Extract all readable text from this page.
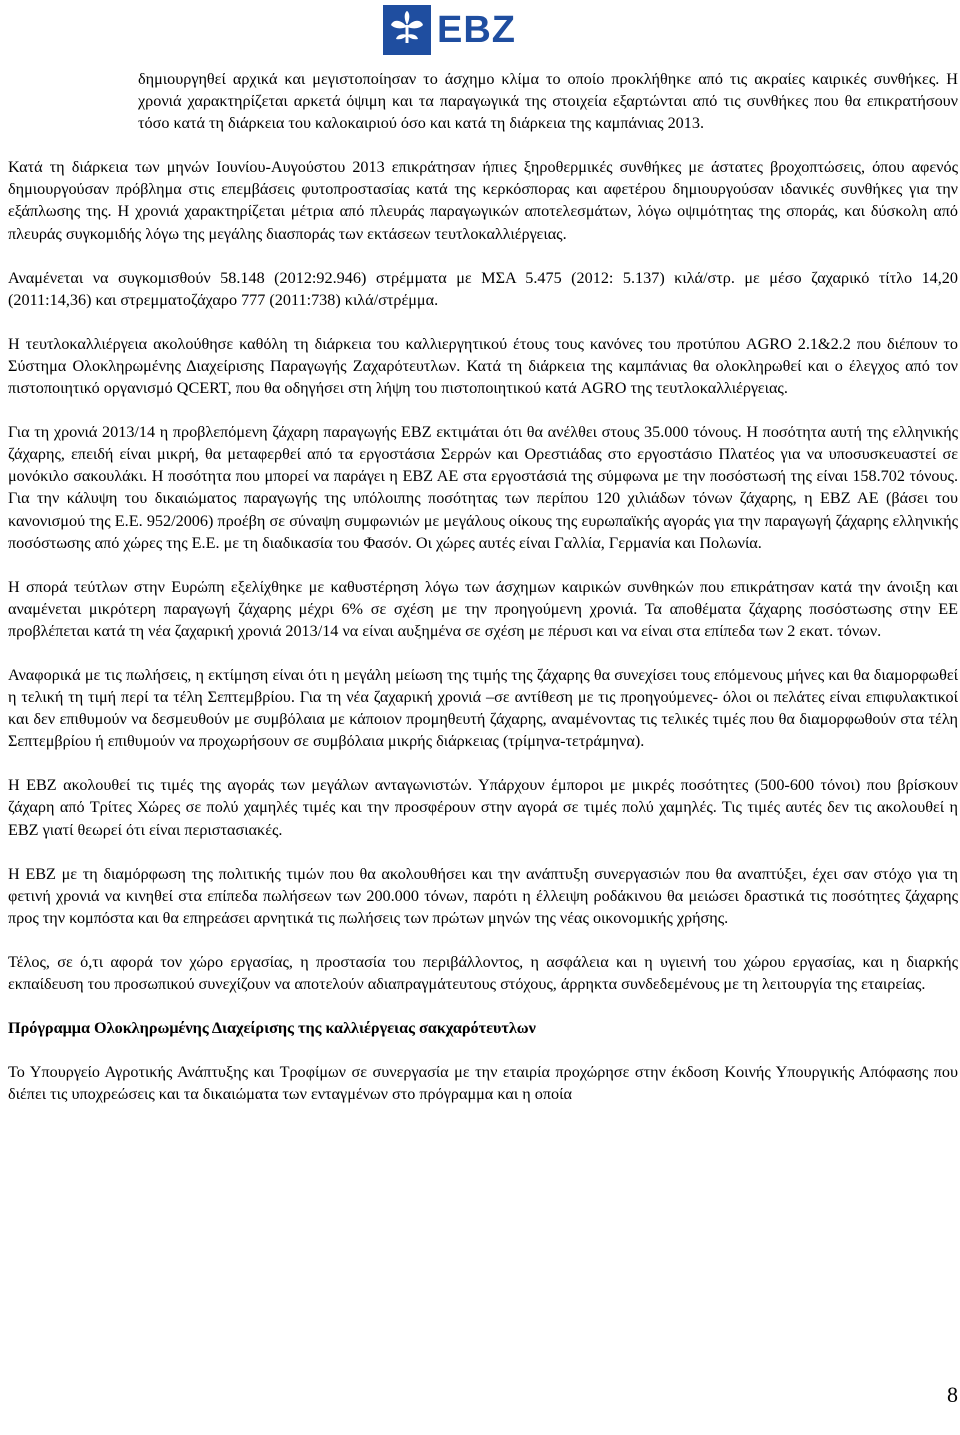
EBZ

δημιουργηθεί αρχικά και μεγιστοποίησαν το άσχημο κλίμα το οποίο προκλήθηκε από τις ακραίες καιρικές συνθήκες. Η χρονιά χαρακτηρίζεται αρκετά όψιμη και τα παραγωγικά της στοιχεία εξαρτώνται από τις συνθήκες που θα επικρατήσουν τόσο κατά τη διάρκεια του καλοκαιριού όσο και κατά τη διάρκεια της καμπάνιας 2013.

Κατά τη διάρκεια των μηνών Ιουνίου-Αυγούστου 2013 επικράτησαν ήπιες ξηροθερμικές συνθήκες με άστατες βροχοπτώσεις, όπου αφενός δημιουργούσαν πρόβλημα στις επεμβάσεις φυτοπροστασίας κατά της κερκόσπορας και αφετέρου δημιουργούσαν ιδανικές συνθήκες για την εξάπλωσης της. Η χρονιά χαρακτηρίζεται μέτρια από πλευράς παραγωγικών αποτελεσμάτων, λόγω οψιμότητας της σποράς, και δύσκολη από πλευράς συγκομιδής λόγω της μεγάλης διασποράς των εκτάσεων τευτλοκαλλιέργειας.

Αναμένεται να συγκομισθούν 58.148 (2012:92.946) στρέμματα με ΜΣΑ 5.475 (2012: 5.137) κιλά/στρ. με μέσο ζαχαρικό τίτλο 14,20 (2011:14,36) και στρεμματοζάχαρο 777 (2011:738) κιλά/στρέμμα.

Η τευτλοκαλλιέργεια ακολούθησε καθόλη τη διάρκεια του καλλιεργητικού έτους τους κανόνες του προτύπου AGRO 2.1&2.2 που διέπουν το Σύστημα Ολοκληρωμένης Διαχείρισης Παραγωγής Ζαχαρότευτλων. Κατά τη διάρκεια της καμπάνιας θα ολοκληρωθεί και ο έλεγχος από τον πιστοποιητικό οργανισμό QCERT, που θα οδηγήσει στη λήψη του πιστοποιητικού κατά AGRO της τευτλοκαλλιέργειας.

Για τη χρονιά 2013/14 η προβλεπόμενη ζάχαρη παραγωγής ΕΒΖ εκτιμάται ότι θα ανέλθει στους 35.000 τόνους. Η ποσότητα αυτή της ελληνικής ζάχαρης, επειδή είναι μικρή, θα μεταφερθεί από τα εργοστάσια Σερρών και Ορεστιάδας στο εργοστάσιο Πλατέος για να υποσυσκευαστεί σε μονόκιλο σακουλάκι. Η ποσότητα που μπορεί να παράγει η ΕΒΖ ΑΕ στα εργοστάσιά της σύμφωνα με την ποσόστωσή της είναι 158.702 τόνους. Για την κάλυψη του δικαιώματος παραγωγής της υπόλοιπης ποσότητας των περίπου 120 χιλιάδων τόνων ζάχαρης, η ΕΒΖ ΑΕ (βάσει του κανονισμού της Ε.Ε. 952/2006) προέβη σε σύναψη συμφωνιών με μεγάλους οίκους της ευρωπαϊκής αγοράς για την παραγωγή ζάχαρης ελληνικής ποσόστωσης από χώρες της Ε.Ε. με τη διαδικασία του Φασόν. Οι χώρες αυτές είναι Γαλλία, Γερμανία και Πολωνία.

Η σπορά τεύτλων στην Ευρώπη εξελίχθηκε με καθυστέρηση λόγω των άσχημων καιρικών συνθηκών που επικράτησαν κατά την άνοιξη και αναμένεται μικρότερη παραγωγή ζάχαρης μέχρι 6% σε σχέση με την προηγούμενη χρονιά. Τα αποθέματα ζάχαρης ποσόστωσης στην ΕΕ προβλέπεται κατά τη νέα ζαχαρική χρονιά 2013/14 να είναι αυξημένα σε σχέση με πέρυσι και να είναι στα επίπεδα των 2 εκατ. τόνων.

Αναφορικά με τις πωλήσεις, η εκτίμηση είναι ότι η μεγάλη μείωση της τιμής της ζάχαρης θα συνεχίσει τους επόμενους μήνες και θα διαμορφωθεί η τελική τη τιμή περί τα τέλη Σεπτεμβρίου. Για τη νέα ζαχαρική χρονιά –σε αντίθεση με τις προηγούμενες- όλοι οι πελάτες είναι επιφυλακτικοί και δεν επιθυμούν να δεσμευθούν με συμβόλαια με κάποιον προμηθευτή ζάχαρης, αναμένοντας τις τελικές τιμές που θα διαμορφωθούν στα τέλη Σεπτεμβρίου ή επιθυμούν να προχωρήσουν σε συμβόλαια μικρής διάρκειας (τρίμηνα-τετράμηνα).

Η ΕΒΖ ακολουθεί τις τιμές της αγοράς των μεγάλων ανταγωνιστών. Υπάρχουν έμποροι με μικρές ποσότητες (500-600 τόνοι) που βρίσκουν ζάχαρη από Τρίτες Χώρες σε πολύ χαμηλές τιμές και την προσφέρουν στην αγορά σε τιμές πολύ χαμηλές. Τις τιμές αυτές δεν τις ακολουθεί η ΕΒΖ γιατί θεωρεί ότι είναι περιστασιακές.

Η ΕΒΖ με τη διαμόρφωση της πολιτικής τιμών που θα ακολουθήσει και την ανάπτυξη συνεργασιών που θα αναπτύξει, έχει σαν στόχο για τη φετινή χρονιά να κινηθεί στα επίπεδα πωλήσεων των 200.000 τόνων, παρότι η έλλειψη ροδάκινου θα μειώσει δραστικά τις ποσότητες ζάχαρης προς την κομπόστα και θα επηρεάσει αρνητικά τις πωλήσεις των πρώτων μηνών της νέας οικονομικής χρήσης.

Τέλος, σε ό,τι αφορά τον χώρο εργασίας, η προστασία του περιβάλλοντος, η ασφάλεια και η υγιεινή του χώρου εργασίας, και η διαρκής εκπαίδευση του προσωπικού συνεχίζουν να αποτελούν αδιαπραγμάτευτους στόχους, άρρηκτα συνδεδεμένους με τη λειτουργία της εταιρείας.

Πρόγραμμα Ολοκληρωμένης Διαχείρισης της καλλιέργειας σακχαρότευτλων

Το Υπουργείο Αγροτικής Ανάπτυξης και Τροφίμων σε συνεργασία με την εταιρία προχώρησε στην έκδοση Κοινής Υπουργικής Απόφασης που διέπει τις υποχρεώσεις και τα δικαιώματα των ενταγμένων στο πρόγραμμα και η οποία

8
